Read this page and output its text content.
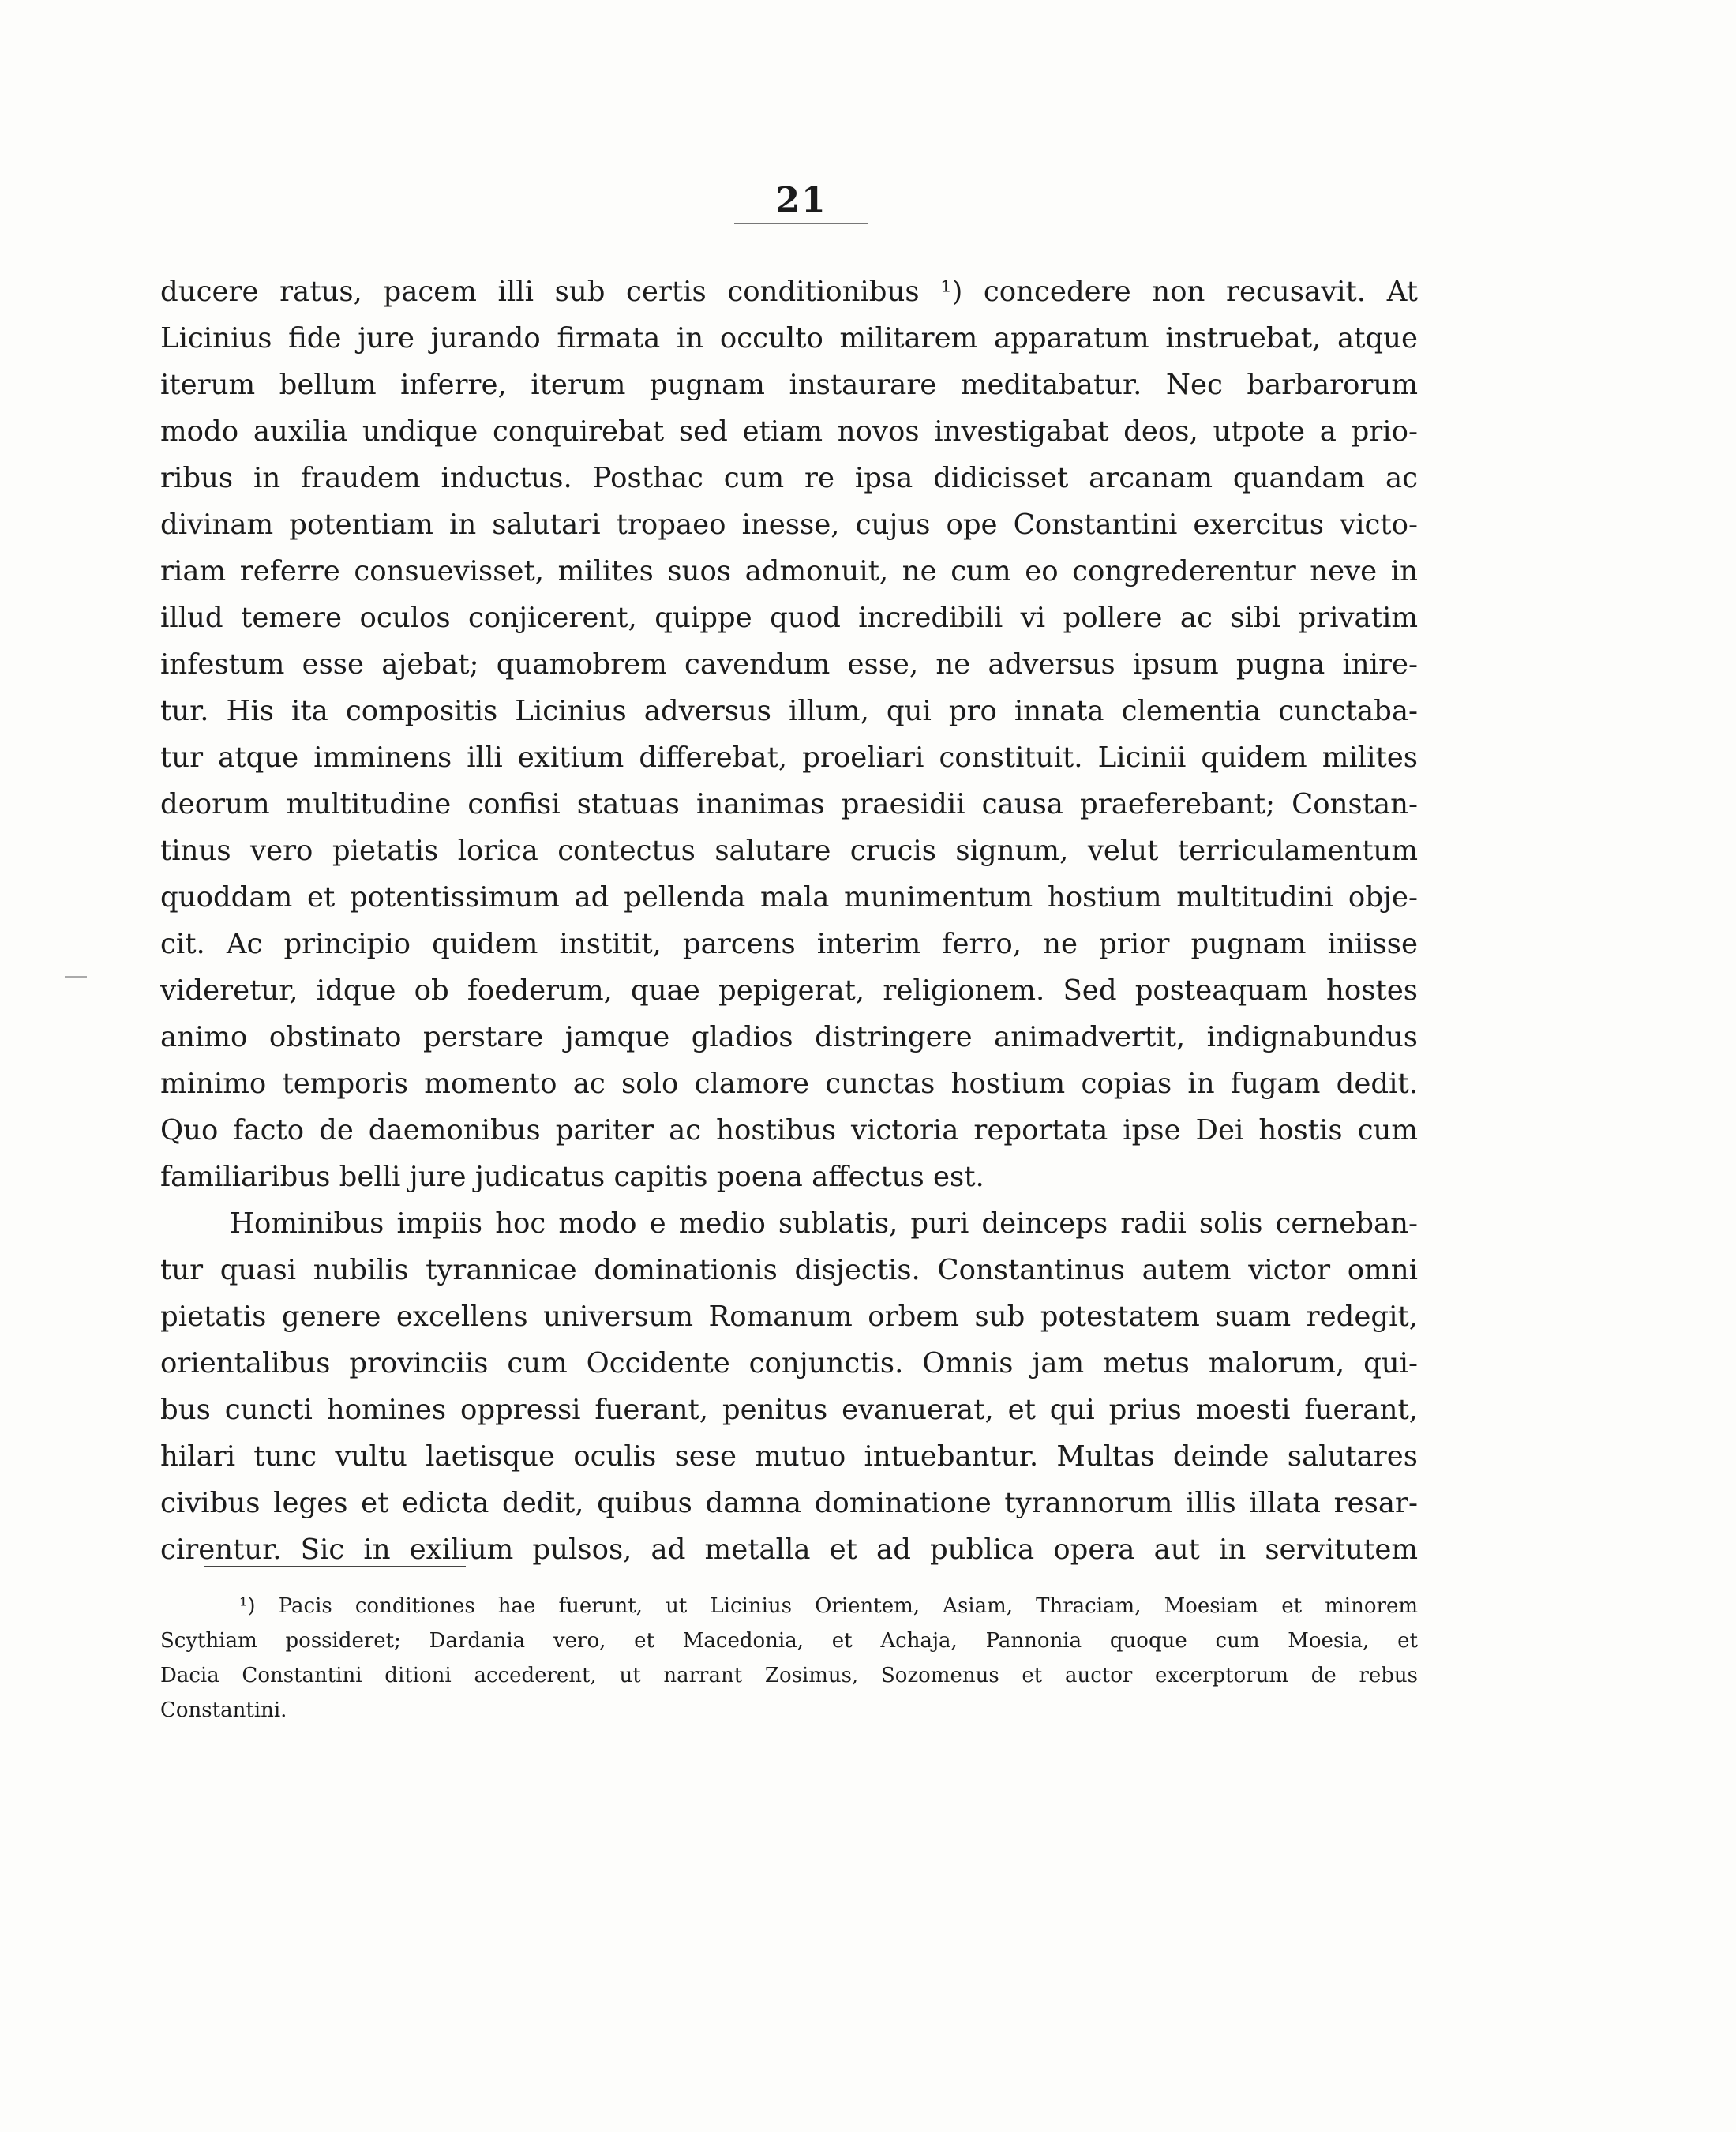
21
ducere ratus, pacem illi sub certis conditionibus ¹) concedere non recusavit. At
Licinius fide jure jurando firmata in occulto militarem apparatum instruebat, atque
iterum bellum inferre, iterum pugnam instaurare meditabatur. Nec barbarorum
modo auxilia undique conquirebat sed etiam novos investigabat deos, utpote a prio-
ribus in fraudem inductus. Posthac cum re ipsa didicisset arcanam quandam ac
divinam potentiam in salutari tropaeo inesse, cujus ope Constantini exercitus victo-
riam referre consuevisset, milites suos admonuit, ne cum eo congrederentur neve in
illud temere oculos conjicerent, quippe quod incredibili vi pollere ac sibi privatim
infestum esse ajebat; quamobrem cavendum esse, ne adversus ipsum pugna inire-
tur. His ita compositis Licinius adversus illum, qui pro innata clementia cunctaba-
tur atque imminens illi exitium differebat, proeliari constituit. Licinii quidem milites
deorum multitudine confisi statuas inanimas praesidii causa praeferebant; Constan-
tinus vero pietatis lorica contectus salutare crucis signum, velut terriculamentum
quoddam et potentissimum ad pellenda mala munimentum hostium multitudini obje-
cit. Ac principio quidem institit, parcens interim ferro, ne prior pugnam iniisse
videretur, idque ob foederum, quae pepigerat, religionem. Sed posteaquam hostes
animo obstinato perstare jamque gladios distringere animadvertit, indignabundus
minimo temporis momento ac solo clamore cunctas hostium copias in fugam dedit.
Quo facto de daemonibus pariter ac hostibus victoria reportata ipse Dei hostis cum
familiaribus belli jure judicatus capitis poena affectus est.
Hominibus impiis hoc modo e medio sublatis, puri deinceps radii solis cerneban-
tur quasi nubilis tyrannicae dominationis disjectis. Constantinus autem victor omni
pietatis genere excellens universum Romanum orbem sub potestatem suam redegit,
orientalibus provinciis cum Occidente conjunctis. Omnis jam metus malorum, qui-
bus cuncti homines oppressi fuerant, penitus evanuerat, et qui prius moesti fuerant,
hilari tunc vultu laetisque oculis sese mutuo intuebantur. Multas deinde salutares
civibus leges et edicta dedit, quibus damna dominatione tyrannorum illis illata resar-
cirentur. Sic in exilium pulsos, ad metalla et ad publica opera aut in servitutem
¹) Pacis conditiones hae fuerunt, ut Licinius Orientem, Asiam, Thraciam, Moesiam et minorem
Scythiam possideret; Dardania vero, et Macedonia, et Achaja, Pannonia quoque cum Moesia, et
Dacia Constantini ditioni accederent, ut narrant Zosimus, Sozomenus et auctor excerptorum de rebus
Constantini.
